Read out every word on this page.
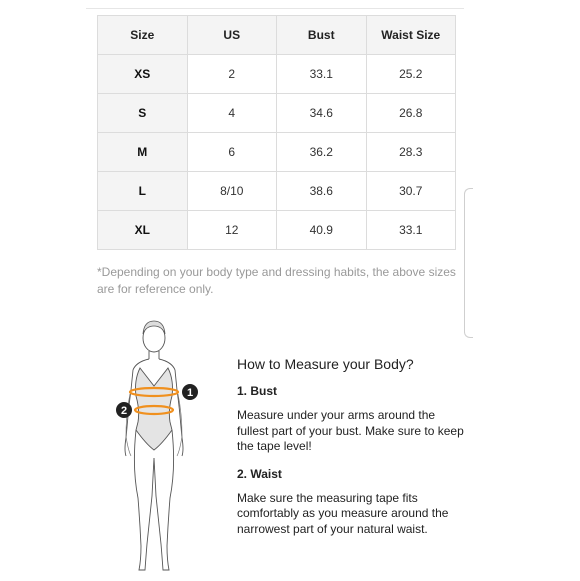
Size	US	Bust	Waist Size
XS	2	33.1	25.2
S	4	34.6	26.8
M	6	36.2	28.3
L	8/10	38.6	30.7
XL	12	40.9	33.1
*Depending on your body type and dressing habits, the above sizes are for reference only.
1
2
How to Measure your Body?
1. Bust
Measure under your arms around the fullest part of your bust. Make sure to keep the tape level!
2. Waist
Make sure the measuring tape fits comfortably as you measure around the narrowest part of your natural waist.
